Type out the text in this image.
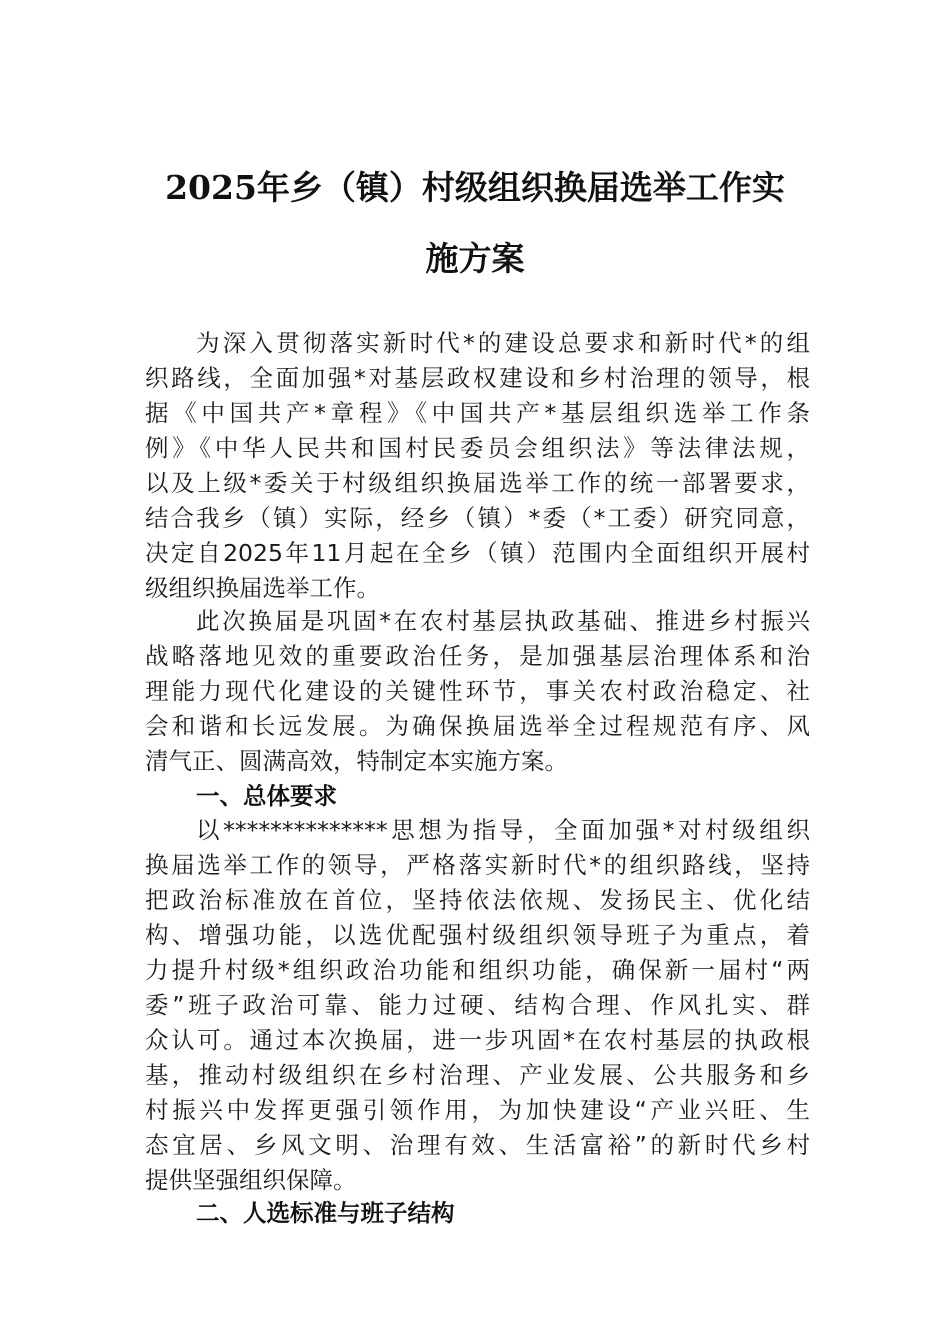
2025年乡（镇）村级组织换届选举工作实
施方案
为深入贯彻落实新时代*的建设总要求和新时代*的组
织路线，全面加强*对基层政权建设和乡村治理的领导，根
据《中国共产*章程》《中国共产*基层组织选举工作条
例》《中华人民共和国村民委员会组织法》等法律法规，
以及上级*委关于村级组织换届选举工作的统一部署要求，
结合我乡（镇）实际，经乡（镇）*委（*工委）研究同意，
决定自2025年11月起在全乡（镇）范围内全面组织开展村
级组织换届选举工作。
此次换届是巩固*在农村基层执政基础、推进乡村振兴
战略落地见效的重要政治任务，是加强基层治理体系和治
理能力现代化建设的关键性环节，事关农村政治稳定、社
会和谐和长远发展。为确保换届选举全过程规范有序、风
清气正、圆满高效，特制定本实施方案。
一、总体要求
以**************思想为指导，全面加强*对村级组织
换届选举工作的领导，严格落实新时代*的组织路线，坚持
把政治标准放在首位，坚持依法依规、发扬民主、优化结
构、增强功能，以选优配强村级组织领导班子为重点，着
力提升村级*组织政治功能和组织功能，确保新一届村“两
委”班子政治可靠、能力过硬、结构合理、作风扎实、群
众认可。通过本次换届，进一步巩固*在农村基层的执政根
基，推动村级组织在乡村治理、产业发展、公共服务和乡
村振兴中发挥更强引领作用，为加快建设“产业兴旺、生
态宜居、乡风文明、治理有效、生活富裕”的新时代乡村
提供坚强组织保障。
二、人选标准与班子结构
